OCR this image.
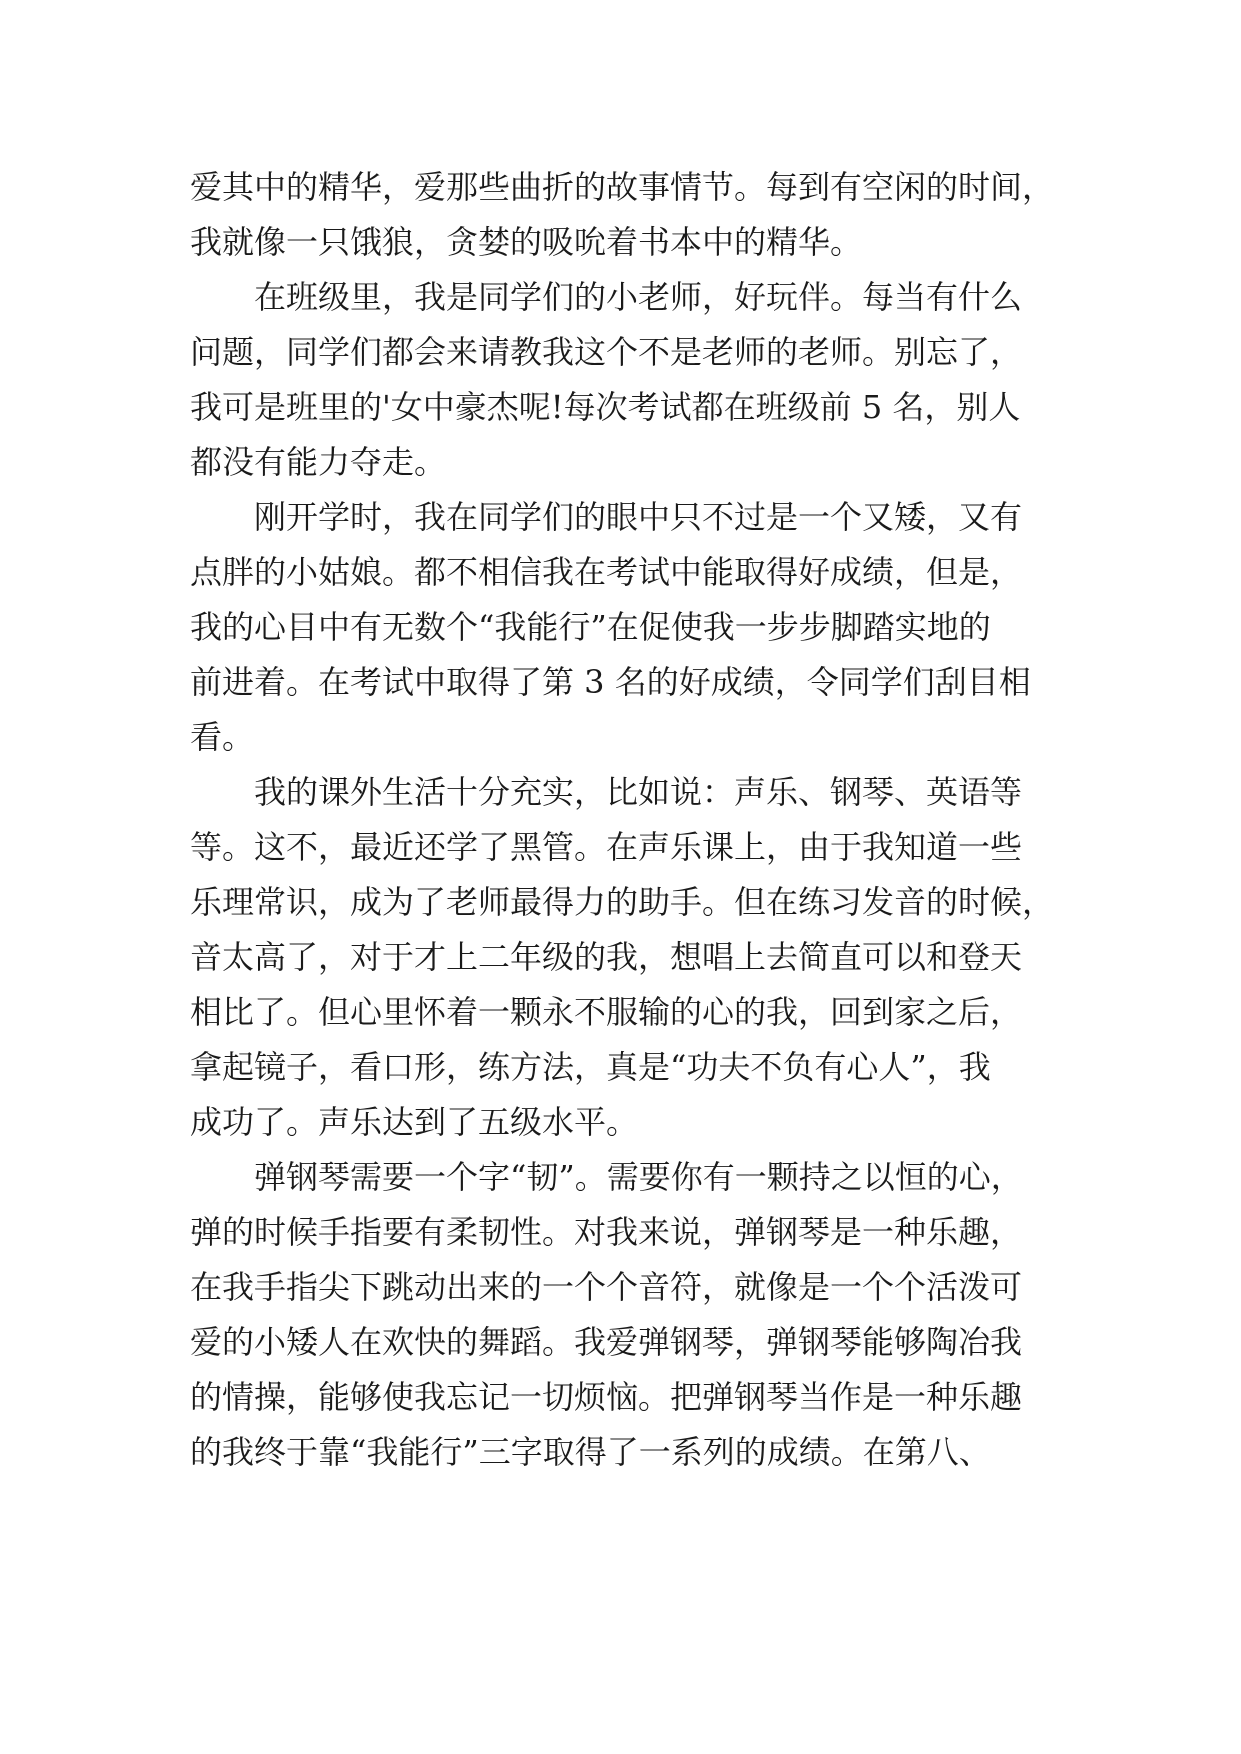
爱其中的精华，爱那些曲折的故事情节。每到有空闲的时间，
我就像一只饿狼，贪婪的吸吮着书本中的精华。
在班级里，我是同学们的小老师，好玩伴。每当有什么
问题，同学们都会来请教我这个不是老师的老师。别忘了，
我可是班里的'女中豪杰呢!每次考试都在班级前 5 名，别人
都没有能力夺走。
刚开学时，我在同学们的眼中只不过是一个又矮，又有
点胖的小姑娘。都不相信我在考试中能取得好成绩，但是，
我的心目中有无数个“我能行”在促使我一步步脚踏实地的
前进着。在考试中取得了第 3 名的好成绩，令同学们刮目相
看。
我的课外生活十分充实，比如说：声乐、钢琴、英语等
等。这不，最近还学了黑管。在声乐课上，由于我知道一些
乐理常识，成为了老师最得力的助手。但在练习发音的时候，
音太高了，对于才上二年级的我，想唱上去简直可以和登天
相比了。但心里怀着一颗永不服输的心的我，回到家之后，
拿起镜子，看口形，练方法，真是“功夫不负有心人”，我
成功了。声乐达到了五级水平。
弹钢琴需要一个字“韧”。需要你有一颗持之以恒的心，
弹的时候手指要有柔韧性。对我来说，弹钢琴是一种乐趣，
在我手指尖下跳动出来的一个个音符，就像是一个个活泼可
爱的小矮人在欢快的舞蹈。我爱弹钢琴，弹钢琴能够陶冶我
的情操，能够使我忘记一切烦恼。把弹钢琴当作是一种乐趣
的我终于靠“我能行”三字取得了一系列的成绩。在第八、
